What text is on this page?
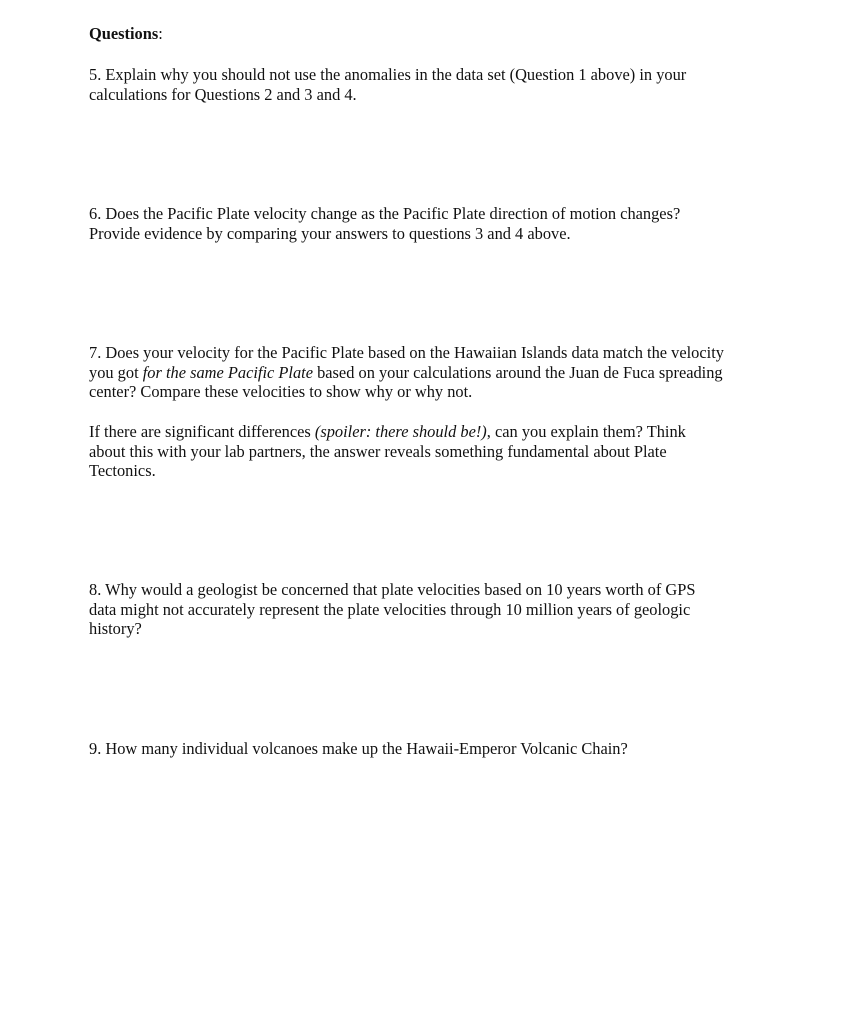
Questions:

5. Explain why you should not use the anomalies in the data set (Question 1 above) in your
calculations for Questions 2 and 3 and 4.

6. Does the Pacific Plate velocity change as the Pacific Plate direction of motion changes?
Provide evidence by comparing your answers to questions 3 and 4 above.

7. Does your velocity for the Pacific Plate based on the Hawaiian Islands data match the velocity
you got for the same Pacific Plate based on your calculations around the Juan de Fuca spreading
center? Compare these velocities to show why or why not.

If there are significant differences (spoiler: there should be!), can you explain them? Think
about this with your lab partners, the answer reveals something fundamental about Plate
Tectonics.

8. Why would a geologist be concerned that plate velocities based on 10 years worth of GPS
data might not accurately represent the plate velocities through 10 million years of geologic
history?

9. How many individual volcanoes make up the Hawaii-Emperor Volcanic Chain?
